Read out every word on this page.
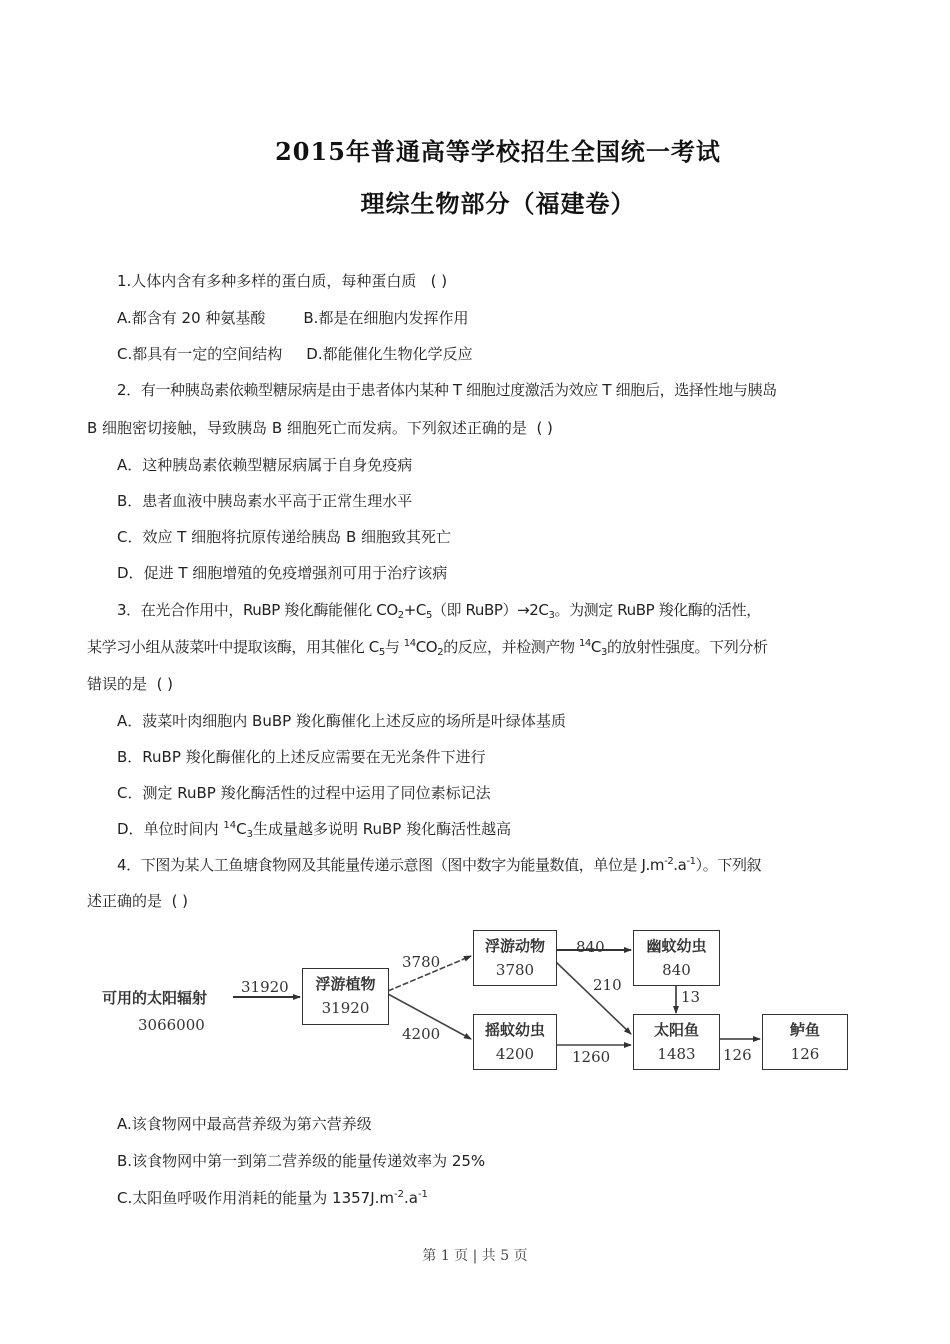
2015年普通高等学校招生全国统一考试
理综生物部分（福建卷）
1.人体内含有多种多样的蛋白质，每种蛋白质 ( )
A.都含有 20 种氨基酸	B.都是在细胞内发挥作用
C.都具有一定的空间结构 D.都能催化生物化学反应
2．有一种胰岛素依赖型糖尿病是由于患者体内某种 T 细胞过度激活为效应 T 细胞后，选择性地与胰岛
B 细胞密切接触，导致胰岛 B 细胞死亡而发病。下列叙述正确的是 ( )
A．这种胰岛素依赖型糖尿病属于自身免疫病
B．患者血液中胰岛素水平高于正常生理水平
C．效应 T 细胞将抗原传递给胰岛 B 细胞致其死亡
D．促进 T 细胞增殖的免疫增强剂可用于治疗该病
3．在光合作用中，RuBP 羧化酶能催化 $CO_2+C_5$（即 $RuBP)\to 2C_3$。为测定 RuBP 羧化酶的活性，
某学习小组从菠菜叶中提取该酶，用其催化 $C_5$与 $^{14}CO_2$的反应，并检测产物 $^{14}C_3$的放射性强度。下列分析
错误的是 ( )
A．菠菜叶肉细胞内 BuBP 羧化酶催化上述反应的场所是叶绿体基质
B．RuBP 羧化酶催化的上述反应需要在无光条件下进行
C．测定 RuBP 羧化酶活性的过程中运用了同位素标记法
D．单位时间内 $^{14}C_3$生成量越多说明 RuBP 羧化酶活性越高
4．下图为某人工鱼塘食物网及其能量传递示意图（图中数字为能量数值，单位是 $J.m^{-2}.a^{-1}$）。下列叙
述正确的是 ( )
可用的太阳辐射
3066000
31920
3780
4200
840
210
13
1260	126
浮游植物
31920
浮游动物
3780
摇蚊幼虫
4200
幽蚊幼虫
840
太阳鱼
1483
鲈鱼
126
A.该食物网中最高营养级为第六营养级
B.该食物网中第一到第二营养级的能量传递效率为 25%
C.太阳鱼呼吸作用消耗的能量为 $1357J.m^{-2}.a^{-1}$
第 1 页 | 共 5 页
